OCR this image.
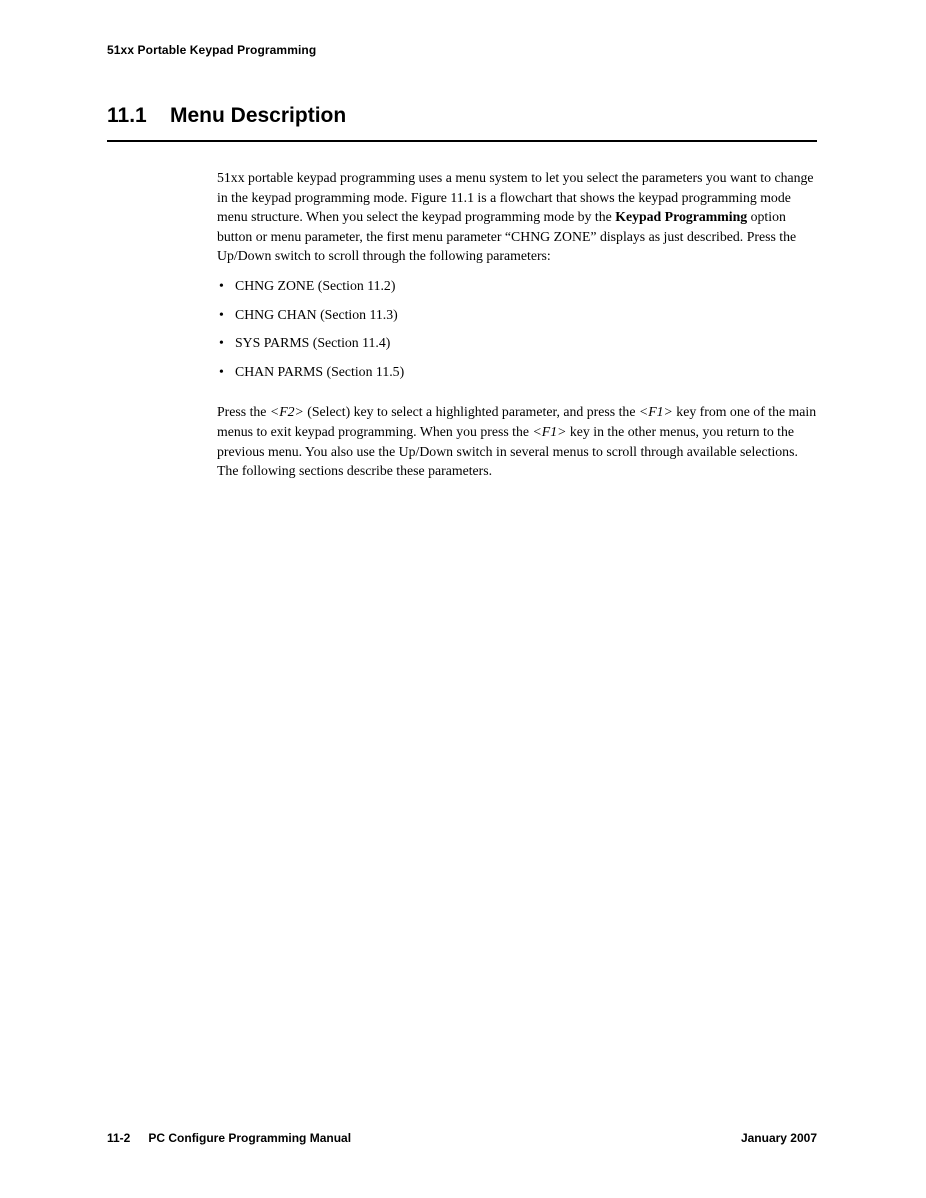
51xx Portable Keypad Programming
11.1 Menu Description

51xx portable keypad programming uses a menu system to let you select the parameters you want to change in the keypad programming mode. Figure 11.1 is a flowchart that shows the keypad programming mode menu structure. When you select the keypad programming mode by the Keypad Programming option button or menu parameter, the first menu parameter “CHNG ZONE” displays as just described. Press the Up/Down switch to scroll through the following parameters:

• CHNG ZONE (Section 11.2)
• CHNG CHAN (Section 11.3)
• SYS PARMS (Section 11.4)
• CHAN PARMS (Section 11.5)

Press the <F2> (Select) key to select a highlighted parameter, and press the <F1> key from one of the main menus to exit keypad programming. When you press the <F1> key in the other menus, you return to the previous menu. You also use the Up/Down switch in several menus to scroll through available selections. The following sections describe these parameters.

11-2 PC Configure Programming Manual	January 2007
